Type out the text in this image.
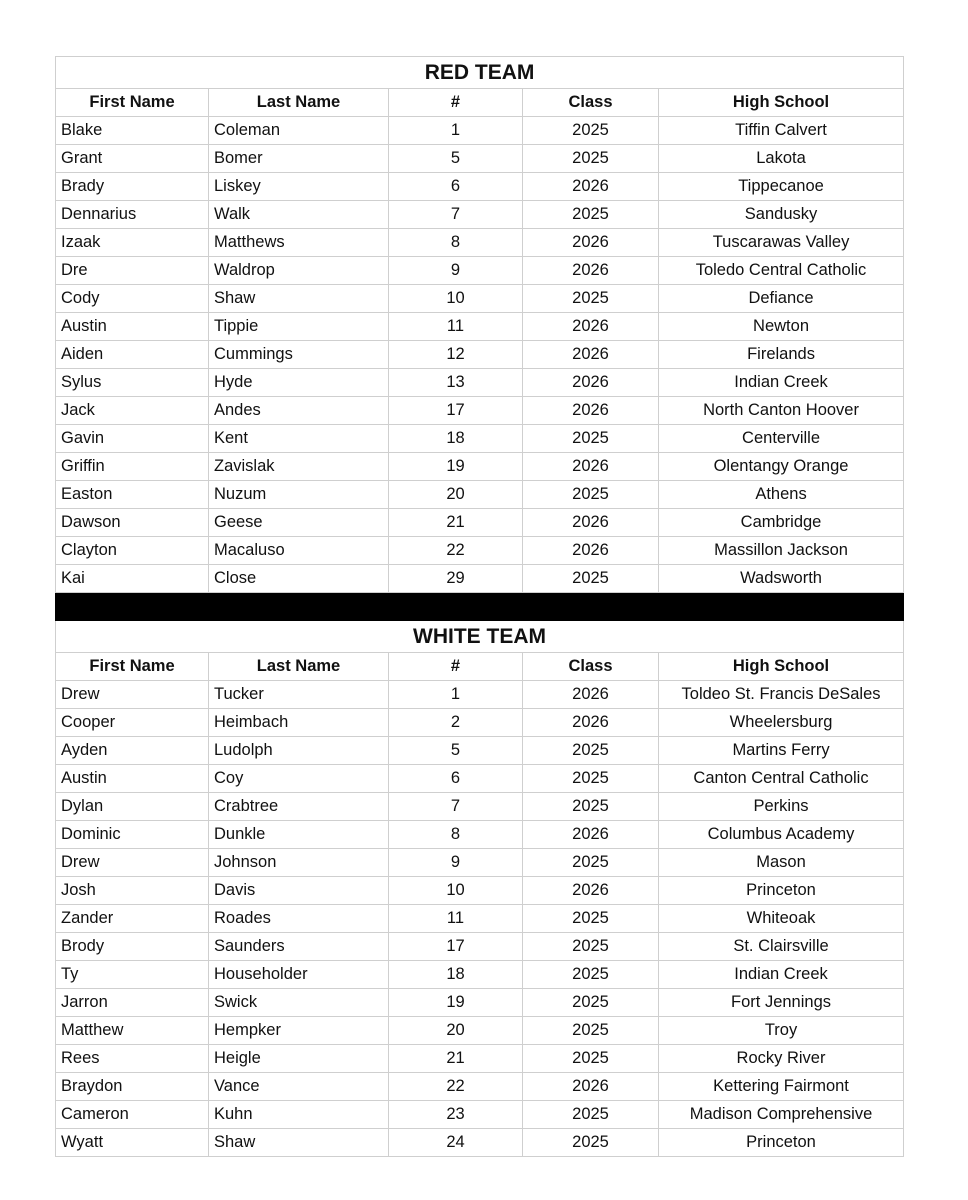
RED TEAM				
First Name	Last Name	#	Class	High School
Blake	Coleman	1	2025	Tiffin Calvert
Grant	Bomer	5	2025	Lakota
Brady	Liskey	6	2026	Tippecanoe
Dennarius	Walk	7	2025	Sandusky
Izaak	Matthews	8	2026	Tuscarawas Valley
Dre	Waldrop	9	2026	Toledo Central Catholic
Cody	Shaw	10	2025	Defiance
Austin	Tippie	11	2026	Newton
Aiden	Cummings	12	2026	Firelands
Sylus	Hyde	13	2026	Indian Creek
Jack	Andes	17	2026	North Canton Hoover
Gavin	Kent	18	2025	Centerville
Griffin	Zavislak	19	2026	Olentangy Orange
Easton	Nuzum	20	2025	Athens
Dawson	Geese	21	2026	Cambridge
Clayton	Macaluso	22	2026	Massillon Jackson
Kai	Close	29	2025	Wadsworth

WHITE TEAM				
First Name	Last Name	#	Class	High School
Drew	Tucker	1	2026	Toldeo St. Francis DeSales
Cooper	Heimbach	2	2026	Wheelersburg
Ayden	Ludolph	5	2025	Martins Ferry
Austin	Coy	6	2025	Canton Central Catholic
Dylan	Crabtree	7	2025	Perkins
Dominic	Dunkle	8	2026	Columbus Academy
Drew	Johnson	9	2025	Mason
Josh	Davis	10	2026	Princeton
Zander	Roades	11	2025	Whiteoak
Brody	Saunders	17	2025	St. Clairsville
Ty	Householder	18	2025	Indian Creek
Jarron	Swick	19	2025	Fort Jennings
Matthew	Hempker	20	2025	Troy
Rees	Heigle	21	2025	Rocky River
Braydon	Vance	22	2026	Kettering Fairmont
Cameron	Kuhn	23	2025	Madison Comprehensive
Wyatt	Shaw	24	2025	Princeton
